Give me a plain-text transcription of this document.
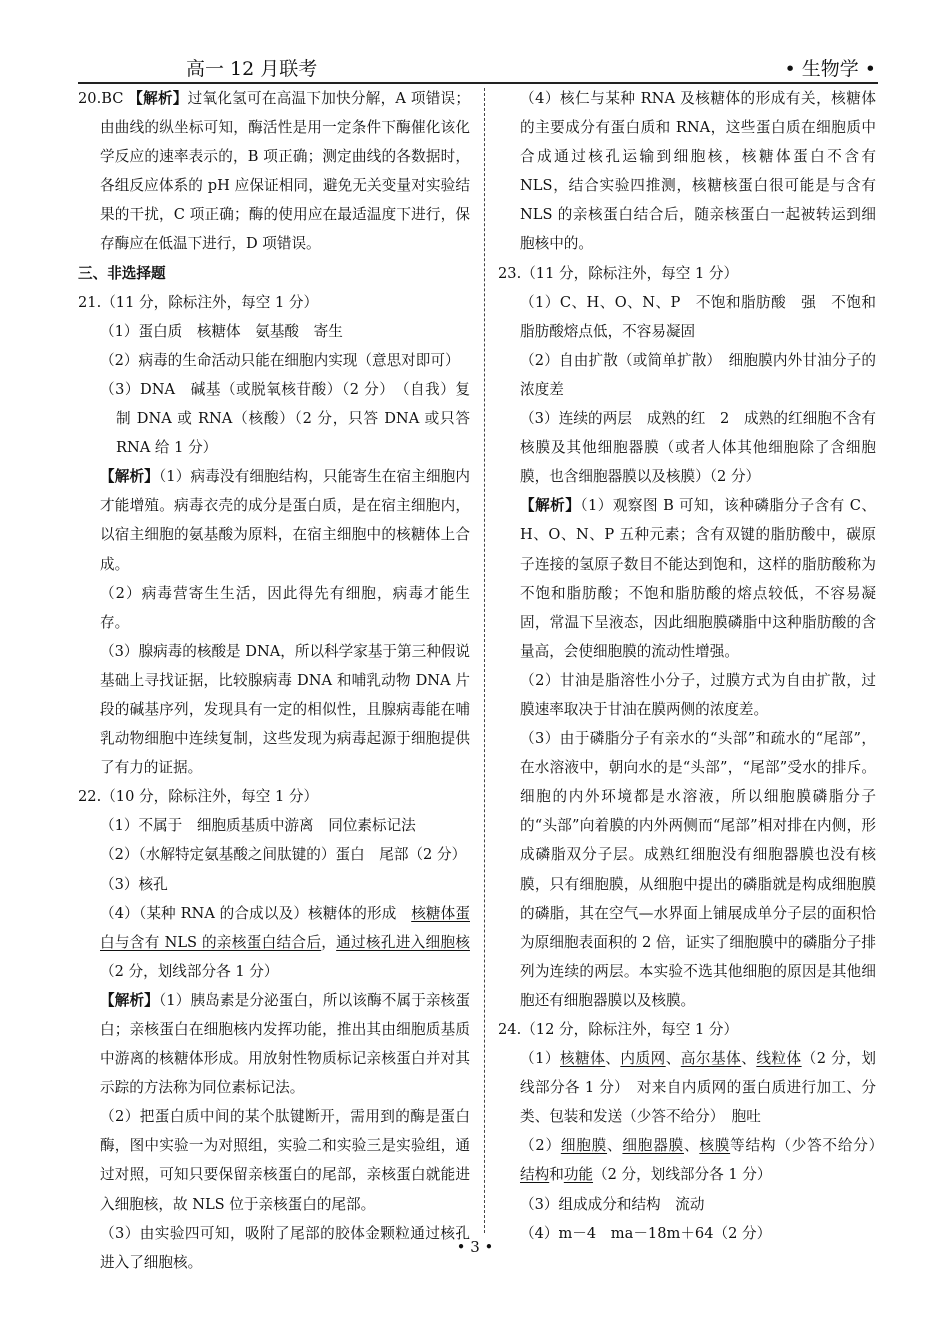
高一 12 月联考	• 生物学 •

20.BC 【解析】过氧化氢可在高温下加快分解，A 项错误；由曲线的纵坐标可知，酶活性是用一定条件下酶催化该化学反应的速率表示的，B 项正确；测定曲线的各数据时，各组反应体系的 pH 应保证相同，避免无关变量对实验结果的干扰，C 项正确；酶的使用应在最适温度下进行，保存酶应在低温下进行，D 项错误。

三、非选择题

21.（11 分，除标注外，每空 1 分）

（1）蛋白质　核糖体　氨基酸　寄生

（2）病毒的生命活动只能在细胞内实现（意思对即可）

（3）DNA　碱基（或脱氧核苷酸）（2 分）　（自我）复制 DNA 或 RNA（核酸）（2 分，只答 DNA 或只答 RNA 给 1 分）

【解析】（1）病毒没有细胞结构，只能寄生在宿主细胞内才能增殖。病毒衣壳的成分是蛋白质，是在宿主细胞内，以宿主细胞的氨基酸为原料，在宿主细胞中的核糖体上合成。

（2）病毒营寄生生活，因此得先有细胞，病毒才能生存。

（3）腺病毒的核酸是 DNA，所以科学家基于第三种假说基础上寻找证据，比较腺病毒 DNA 和哺乳动物 DNA 片段的碱基序列，发现具有一定的相似性，且腺病毒能在哺乳动物细胞中连续复制，这些发现为病毒起源于细胞提供了有力的证据。

22.（10 分，除标注外，每空 1 分）

（1）不属于　细胞质基质中游离　同位素标记法

（2）（水解特定氨基酸之间肽键的）蛋白　尾部（2 分）

（3）核孔

（4）（某种 RNA 的合成以及）核糖体的形成　核糖体蛋白与含有 NLS 的亲核蛋白结合后，通过核孔进入细胞核（2 分，划线部分各 1 分）

【解析】（1）胰岛素是分泌蛋白，所以该酶不属于亲核蛋白；亲核蛋白在细胞核内发挥功能，推出其由细胞质基质中游离的核糖体形成。用放射性物质标记亲核蛋白并对其示踪的方法称为同位素标记法。

（2）把蛋白质中间的某个肽键断开，需用到的酶是蛋白酶，图中实验一为对照组，实验二和实验三是实验组，通过对照，可知只要保留亲核蛋白的尾部，亲核蛋白就能进入细胞核，故 NLS 位于亲核蛋白的尾部。

（3）由实验四可知，吸附了尾部的胶体金颗粒通过核孔进入了细胞核。

（4）核仁与某种 RNA 及核糖体的形成有关，核糖体的主要成分有蛋白质和 RNA，这些蛋白质在细胞质中合成通过核孔运输到细胞核，核糖体蛋白不含有 NLS，结合实验四推测，核糖核蛋白很可能是与含有 NLS 的亲核蛋白结合后，随亲核蛋白一起被转运到细胞核中的。

23.（11 分，除标注外，每空 1 分）

（1）C、H、O、N、P　不饱和脂肪酸　强　不饱和脂肪酸熔点低，不容易凝固

（2）自由扩散（或简单扩散）　细胞膜内外甘油分子的浓度差

（3）连续的两层　成熟的红　2　成熟的红细胞不含有核膜及其他细胞器膜（或者人体其他细胞除了含细胞膜，也含细胞器膜以及核膜）（2 分）

【解析】（1）观察图 B 可知，该种磷脂分子含有 C、H、O、N、P 五种元素；含有双键的脂肪酸中，碳原子连接的氢原子数目不能达到饱和，这样的脂肪酸称为不饱和脂肪酸；不饱和脂肪酸的熔点较低，不容易凝固，常温下呈液态，因此细胞膜磷脂中这种脂肪酸的含量高，会使细胞膜的流动性增强。

（2）甘油是脂溶性小分子，过膜方式为自由扩散，过膜速率取决于甘油在膜两侧的浓度差。

（3）由于磷脂分子有亲水的“头部”和疏水的“尾部”，在水溶液中，朝向水的是“头部”，“尾部”受水的排斥。细胞的内外环境都是水溶液，所以细胞膜磷脂分子的“头部”向着膜的内外两侧而“尾部”相对排在内侧，形成磷脂双分子层。成熟红细胞没有细胞器膜也没有核膜，只有细胞膜，从细胞中提出的磷脂就是构成细胞膜的磷脂，其在空气—水界面上铺展成单分子层的面积恰为原细胞表面积的 2 倍，证实了细胞膜中的磷脂分子排列为连续的两层。本实验不选其他细胞的原因是其他细胞还有细胞器膜以及核膜。

24.（12 分，除标注外，每空 1 分）

（1）核糖体、内质网、高尔基体、线粒体（2 分，划线部分各 1 分）　对来自内质网的蛋白质进行加工、分类、包装和发送（少答不给分）　胞吐

（2）细胞膜、细胞器膜、核膜等结构（少答不给分）　结构和功能（2 分，划线部分各 1 分）

（3）组成成分和结构　流动

（4）m－4　ma－18m＋64（2 分）

• 3 •
